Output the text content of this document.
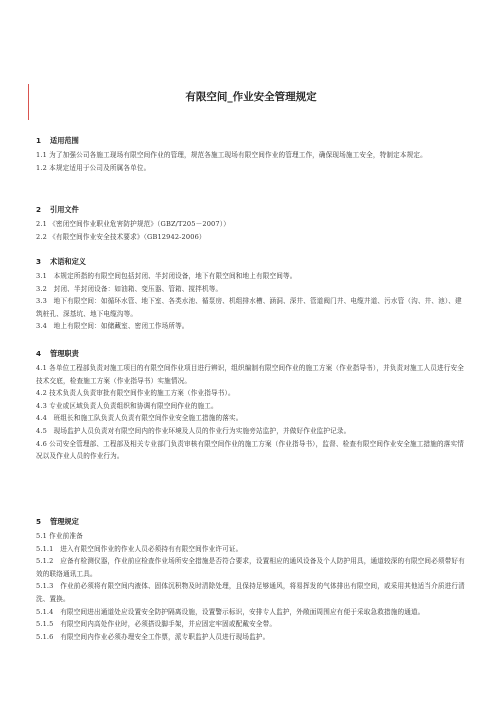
有限空间_作业安全管理规定
1 适用范围
1.1 为了加强公司各施工现场有限空间作业的管理，规范各施工现场有限空间作业的管理工作，确保现场施工安全，特制定本规定。
1.2 本规定适用于公司及所属各单位。
2 引用文件
2.1 《密闭空间作业职业危害防护规范》（GBZ/T205－2007））
2.2 《有限空间作业安全技术要求》（GB12942-2006）
3 术语和定义
3.1　本规定所指的有限空间包括封闭、半封闭设备，地下有限空间和地上有限空间等。
3.2　封闭、半封闭设备：如油箱、变压器、管箱、搅拌机等。
3.3　地下有限空间：如循环水管、地下室、各类水池、循泵房、机组排水槽、涵洞、深井、管道阀门井、电缆井道、污水管（沟、井、池）、建筑桩孔、深基坑、地下电缆沟等。
3.4　地上有限空间：如储藏室、密闭工作场所等。
4 管理职责
4.1 各单位工程部负责对施工项目的有限空间作业项目进行辨识，组织编制有限空间作业的施工方案（作业指导书），并负责对施工人员进行安全技术交底，检查施工方案（作业指导书）实施情况。
4.2 技术负责人负责审批有限空间作业的施工方案（作业指导书）。
4.3 专业或区域负责人负责组织和协调有限空间作业的施工。
4.4　班组长和施工队负责人负责有限空间作业安全施工措施的落实。
4.5　现场监护人员负责对有限空间内的作业环境及人员的作业行为实施旁站监护，并做好作业监护记录。
4.6 公司安全管理部、工程部及相关专业部门负责审核有限空间作业的施工方案（作业指导书），监督、检查有限空间作业安全施工措施的落实情况以及作业人员的作业行为。
5 管理规定
5.1 作业前准备
5.1.1　进入有限空间作业的作业人员必须持有有限空间作业许可证。
5.1.2　应备有检测仪器，作业前应检查作业场所安全措施是否符合要求，设置相应的通风设备及个人防护用具，通道较深的有限空间必须带好有效的联络通讯工具。
5.1.3　作业前必须将有限空间内液体、固体沉积物及时清除处理，且保持足够通风，将易挥发的气体排出有限空间，或采用其他适当介质进行清洗、置换。
5.1.4　有限空间进出通道处应设置安全防护隔离设施，设置警示标识，安排专人监护，外敞面周围应有便于采取急救措施的通道。
5.1.5　有限空间内高处作业时，必须搭设脚手架，并应固定牢固或配戴安全带。
5.1.6　有限空间内作业必须办理安全工作票，派专职监护人员进行现场监护。
